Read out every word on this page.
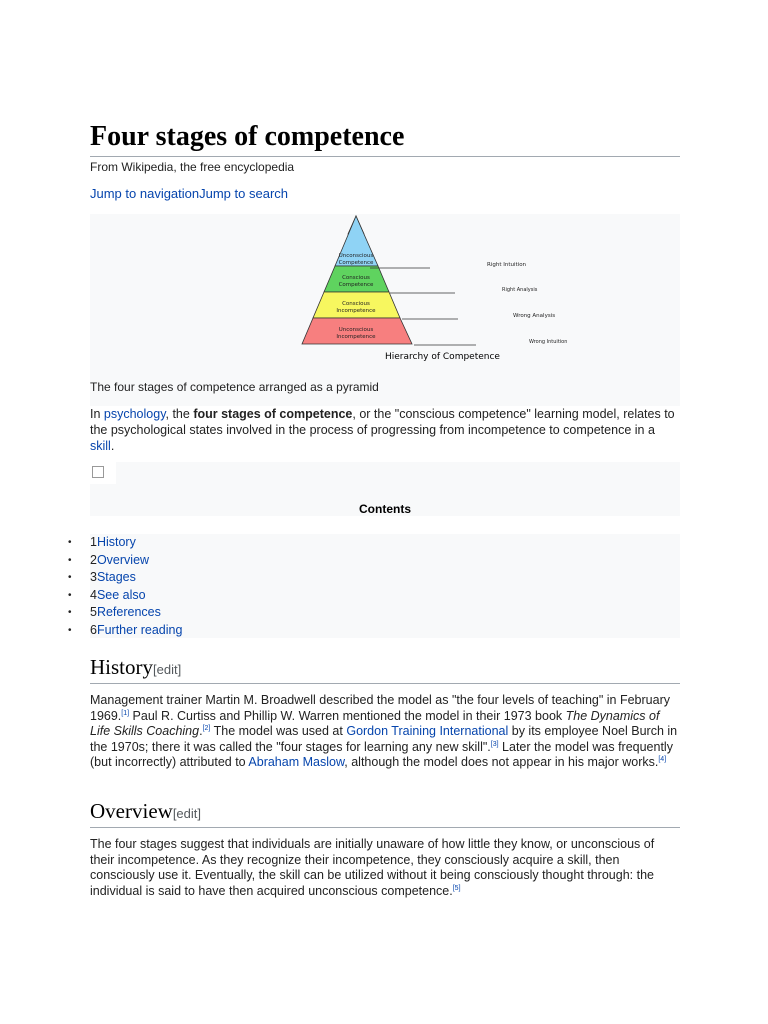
Four stages of competence
From Wikipedia, the free encyclopedia
Jump to navigationJump to search
Unconscious
Competence
Conscious
Competence
Conscious
Incompetence
Unconscious
Incompetence
Right Intuition
Right Analysis
Wrong Analysis
Wrong Intuition
Hierarchy of Competence
The four stages of competence arranged as a pyramid
In psychology, the four stages of competence, or the "conscious competence" learning model, relates to the psychological states involved in the process of progressing from incompetence to competence in a skill.
Contents
History[edit]
Management trainer Martin M. Broadwell described the model as "the four levels of teaching" in February 1969.[1] Paul R. Curtiss and Phillip W. Warren mentioned the model in their 1973 book The Dynamics of Life Skills Coaching.[2] The model was used at Gordon Training International by its employee Noel Burch in the 1970s; there it was called the "four stages for learning any new skill".[3] Later the model was frequently (but incorrectly) attributed to Abraham Maslow, although the model does not appear in his major works.[4]
Overview[edit]
The four stages suggest that individuals are initially unaware of how little they know, or unconscious of their incompetence. As they recognize their incompetence, they consciously acquire a skill, then consciously use it. Eventually, the skill can be utilized without it being consciously thought through: the individual is said to have then acquired unconscious competence.[5]
• 1History
• 2Overview
• 3Stages
• 4See also
• 5References
• 6Further reading
